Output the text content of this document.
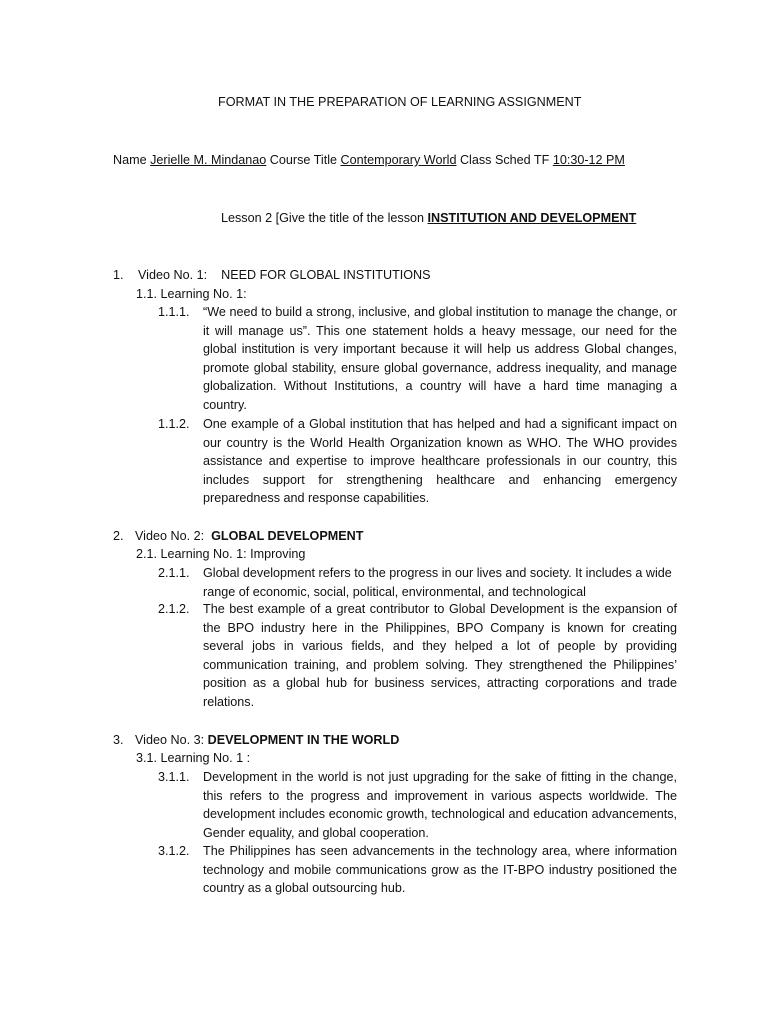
FORMAT IN THE PREPARATION OF LEARNING ASSIGNMENT
Name Jerielle M. Mindanao Course Title Contemporary World Class Sched TF 10:30-12 PM
Lesson 2 [Give the title of the lesson INSTITUTION AND DEVELOPMENT
1. Video No. 1: NEED FOR GLOBAL INSTITUTIONS
1.1. Learning No. 1:
1.1.1. “We need to build a strong, inclusive, and global institution to manage the change, or it will manage us”. This one statement holds a heavy message, our need for the global institution is very important because it will help us address Global changes, promote global stability, ensure global governance, address inequality, and manage globalization. Without Institutions, a country will have a hard time managing a country.
1.1.2. One example of a Global institution that has helped and had a significant impact on our country is the World Health Organization known as WHO. The WHO provides assistance and expertise to improve healthcare professionals in our country, this includes support for strengthening healthcare and enhancing emergency preparedness and response capabilities.
2. Video No. 2: GLOBAL DEVELOPMENT
2.1. Learning No. 1: Improving
2.1.1. Global development refers to the progress in our lives and society. It includes a wide range of economic, social, political, environmental, and technological
2.1.2. The best example of a great contributor to Global Development is the expansion of the BPO industry here in the Philippines, BPO Company is known for creating several jobs in various fields, and they helped a lot of people by providing communication training, and problem solving. They strengthened the Philippines’ position as a global hub for business services, attracting corporations and trade relations.
3. Video No. 3: DEVELOPMENT IN THE WORLD
3.1. Learning No. 1 :
3.1.1. Development in the world is not just upgrading for the sake of fitting in the change, this refers to the progress and improvement in various aspects worldwide. The development includes economic growth, technological and education advancements, Gender equality, and global cooperation.
3.1.2. The Philippines has seen advancements in the technology area, where information technology and mobile communications grow as the IT-BPO industry positioned the country as a global outsourcing hub.
